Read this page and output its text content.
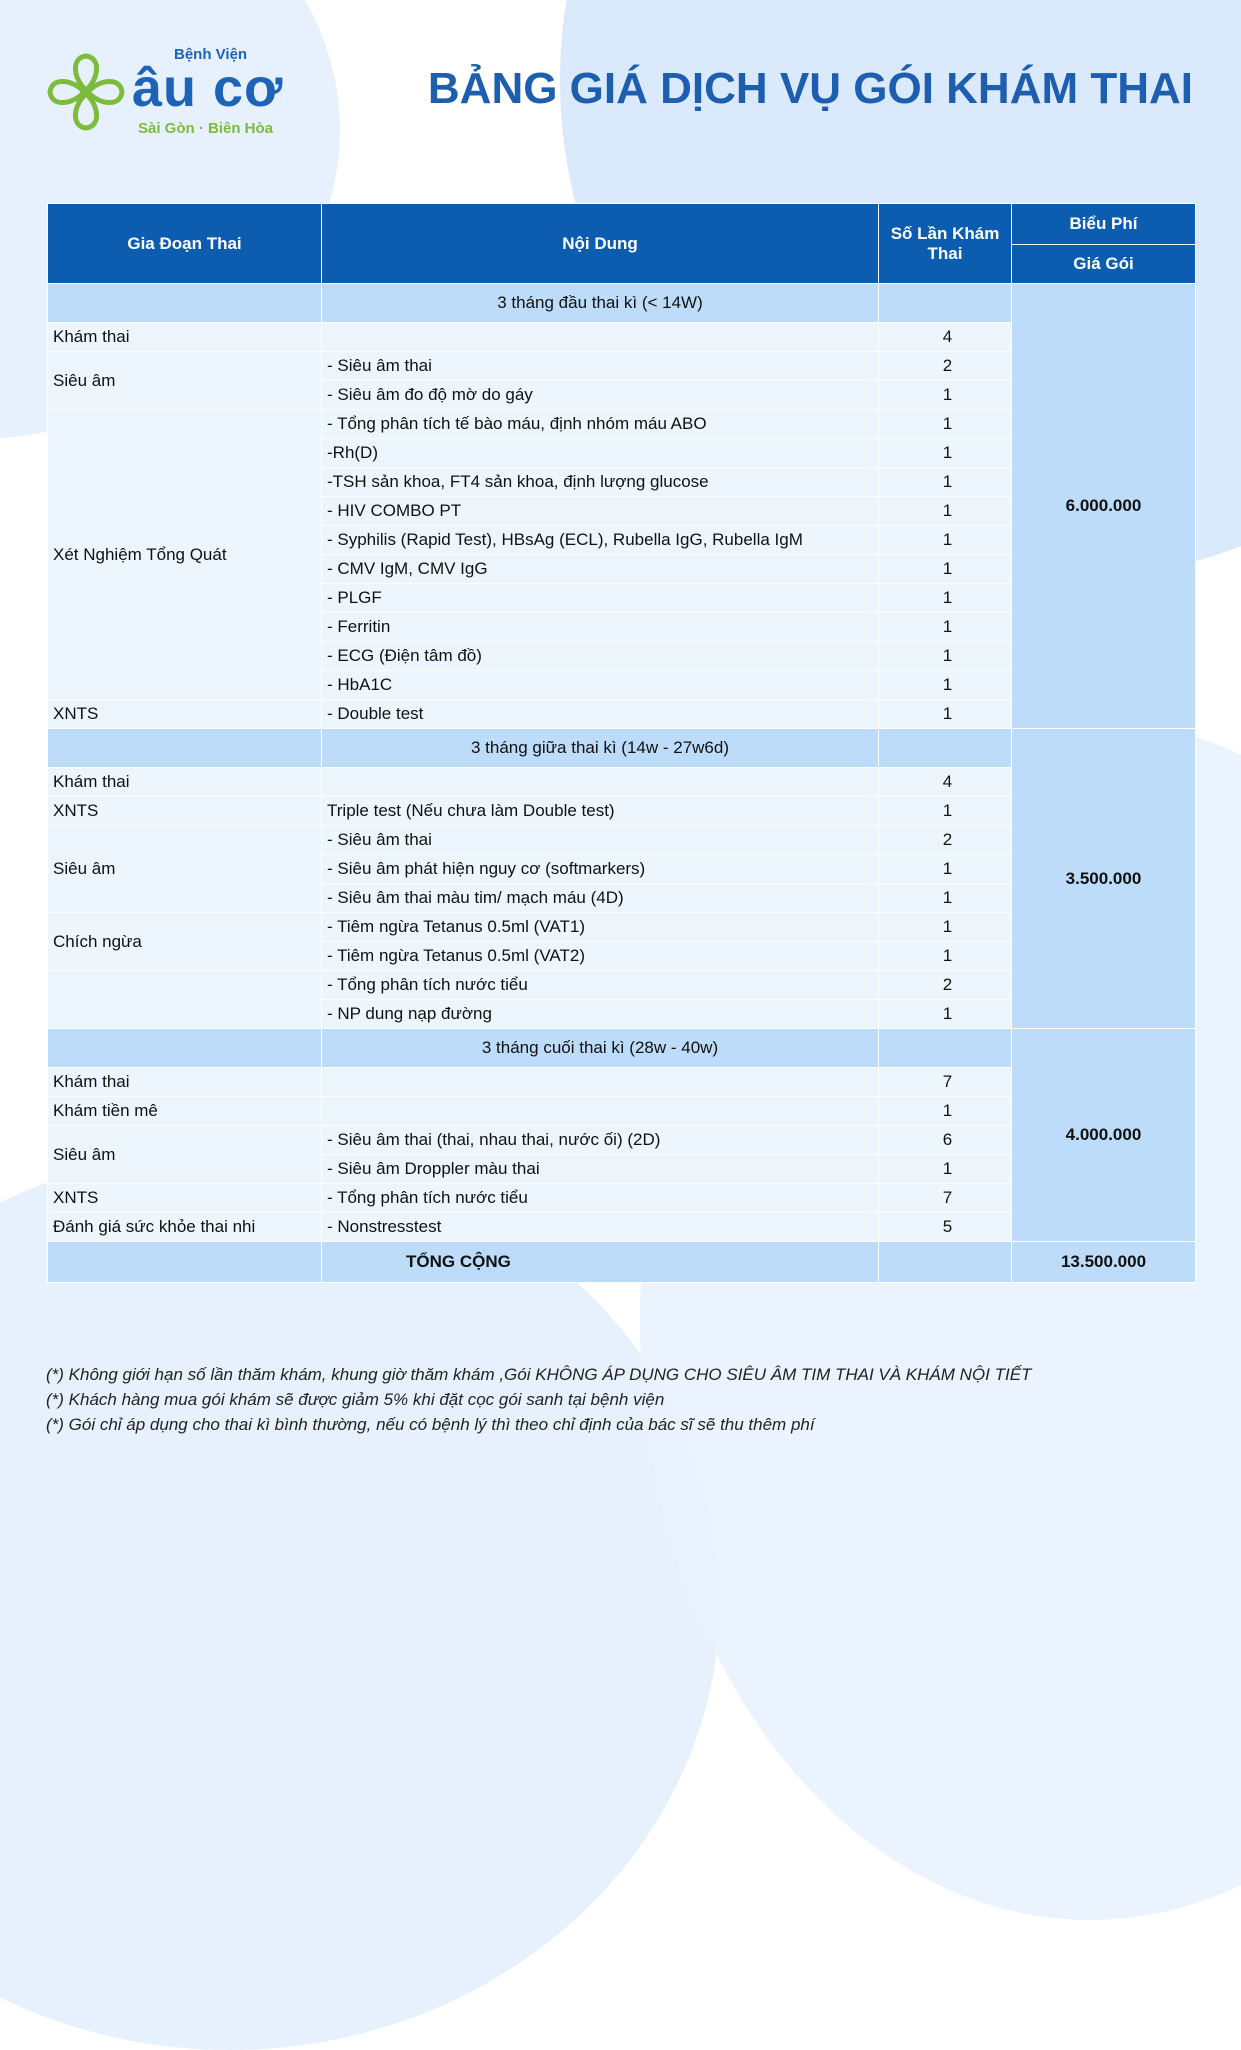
Bệnh Viện
âu cơ
Sài Gòn · Biên Hòa
BẢNG GIÁ DỊCH VỤ GÓI KHÁM THAI
Gia Đoạn Thai	Nội Dung	Số Lần Khám Thai	Biểu Phí
			Giá Gói
	3 tháng đầu thai kì (< 14W)		6.000.000
Khám thai		4	
Siêu âm	- Siêu âm thai	2	
	- Siêu âm đo độ mờ do gáy	1	
Xét Nghiệm Tổng Quát	- Tổng phân tích tế bào máu, định nhóm máu ABO	1	
	-Rh(D)	1	
	-TSH sản khoa, FT4 sản khoa, định lượng glucose	1	
	- HIV COMBO PT	1	
	- Syphilis (Rapid Test), HBsAg (ECL), Rubella IgG, Rubella IgM	1	
	- CMV IgM, CMV IgG	1	
	- PLGF	1	
	- Ferritin	1	
	- ECG (Điện tâm đồ)	1	
	- HbA1C	1	
XNTS	- Double test	1	
	3 tháng giữa thai kì (14w - 27w6d)		3.500.000
Khám thai		4	
XNTS	Triple test (Nếu chưa làm Double test)	1	
Siêu âm	- Siêu âm thai	2	
	- Siêu âm phát hiện nguy cơ (softmarkers)	1	
	- Siêu âm thai màu tim/ mạch máu (4D)	1	
Chích ngừa	- Tiêm ngừa Tetanus 0.5ml (VAT1)	1	
	- Tiêm ngừa Tetanus 0.5ml (VAT2)	1	
	- Tổng phân tích nước tiểu	2	
	- NP dung nạp đường	1	
	3 tháng cuối thai kì (28w - 40w)		4.000.000
Khám thai		7	
Khám tiền mê		1	
Siêu âm	- Siêu âm thai (thai, nhau thai, nước ối) (2D)	6	
	- Siêu âm Droppler màu thai	1	
XNTS	- Tổng phân tích nước tiểu	7	
Đánh giá sức khỏe thai nhi	- Nonstresstest	5	
	TỔNG CỘNG		13.500.000
(*) Không giới hạn số lần thăm khám, khung giờ thăm khám ,Gói KHÔNG ÁP DỤNG CHO SIÊU ÂM TIM THAI VÀ KHÁM NỘI TIẾT
(*) Khách hàng mua gói khám sẽ được giảm 5% khi đặt cọc gói sanh tại bệnh viện
(*) Gói chỉ áp dụng cho thai kì bình thường, nếu có bệnh lý thì theo chỉ định của bác sĩ sẽ thu thêm phí
